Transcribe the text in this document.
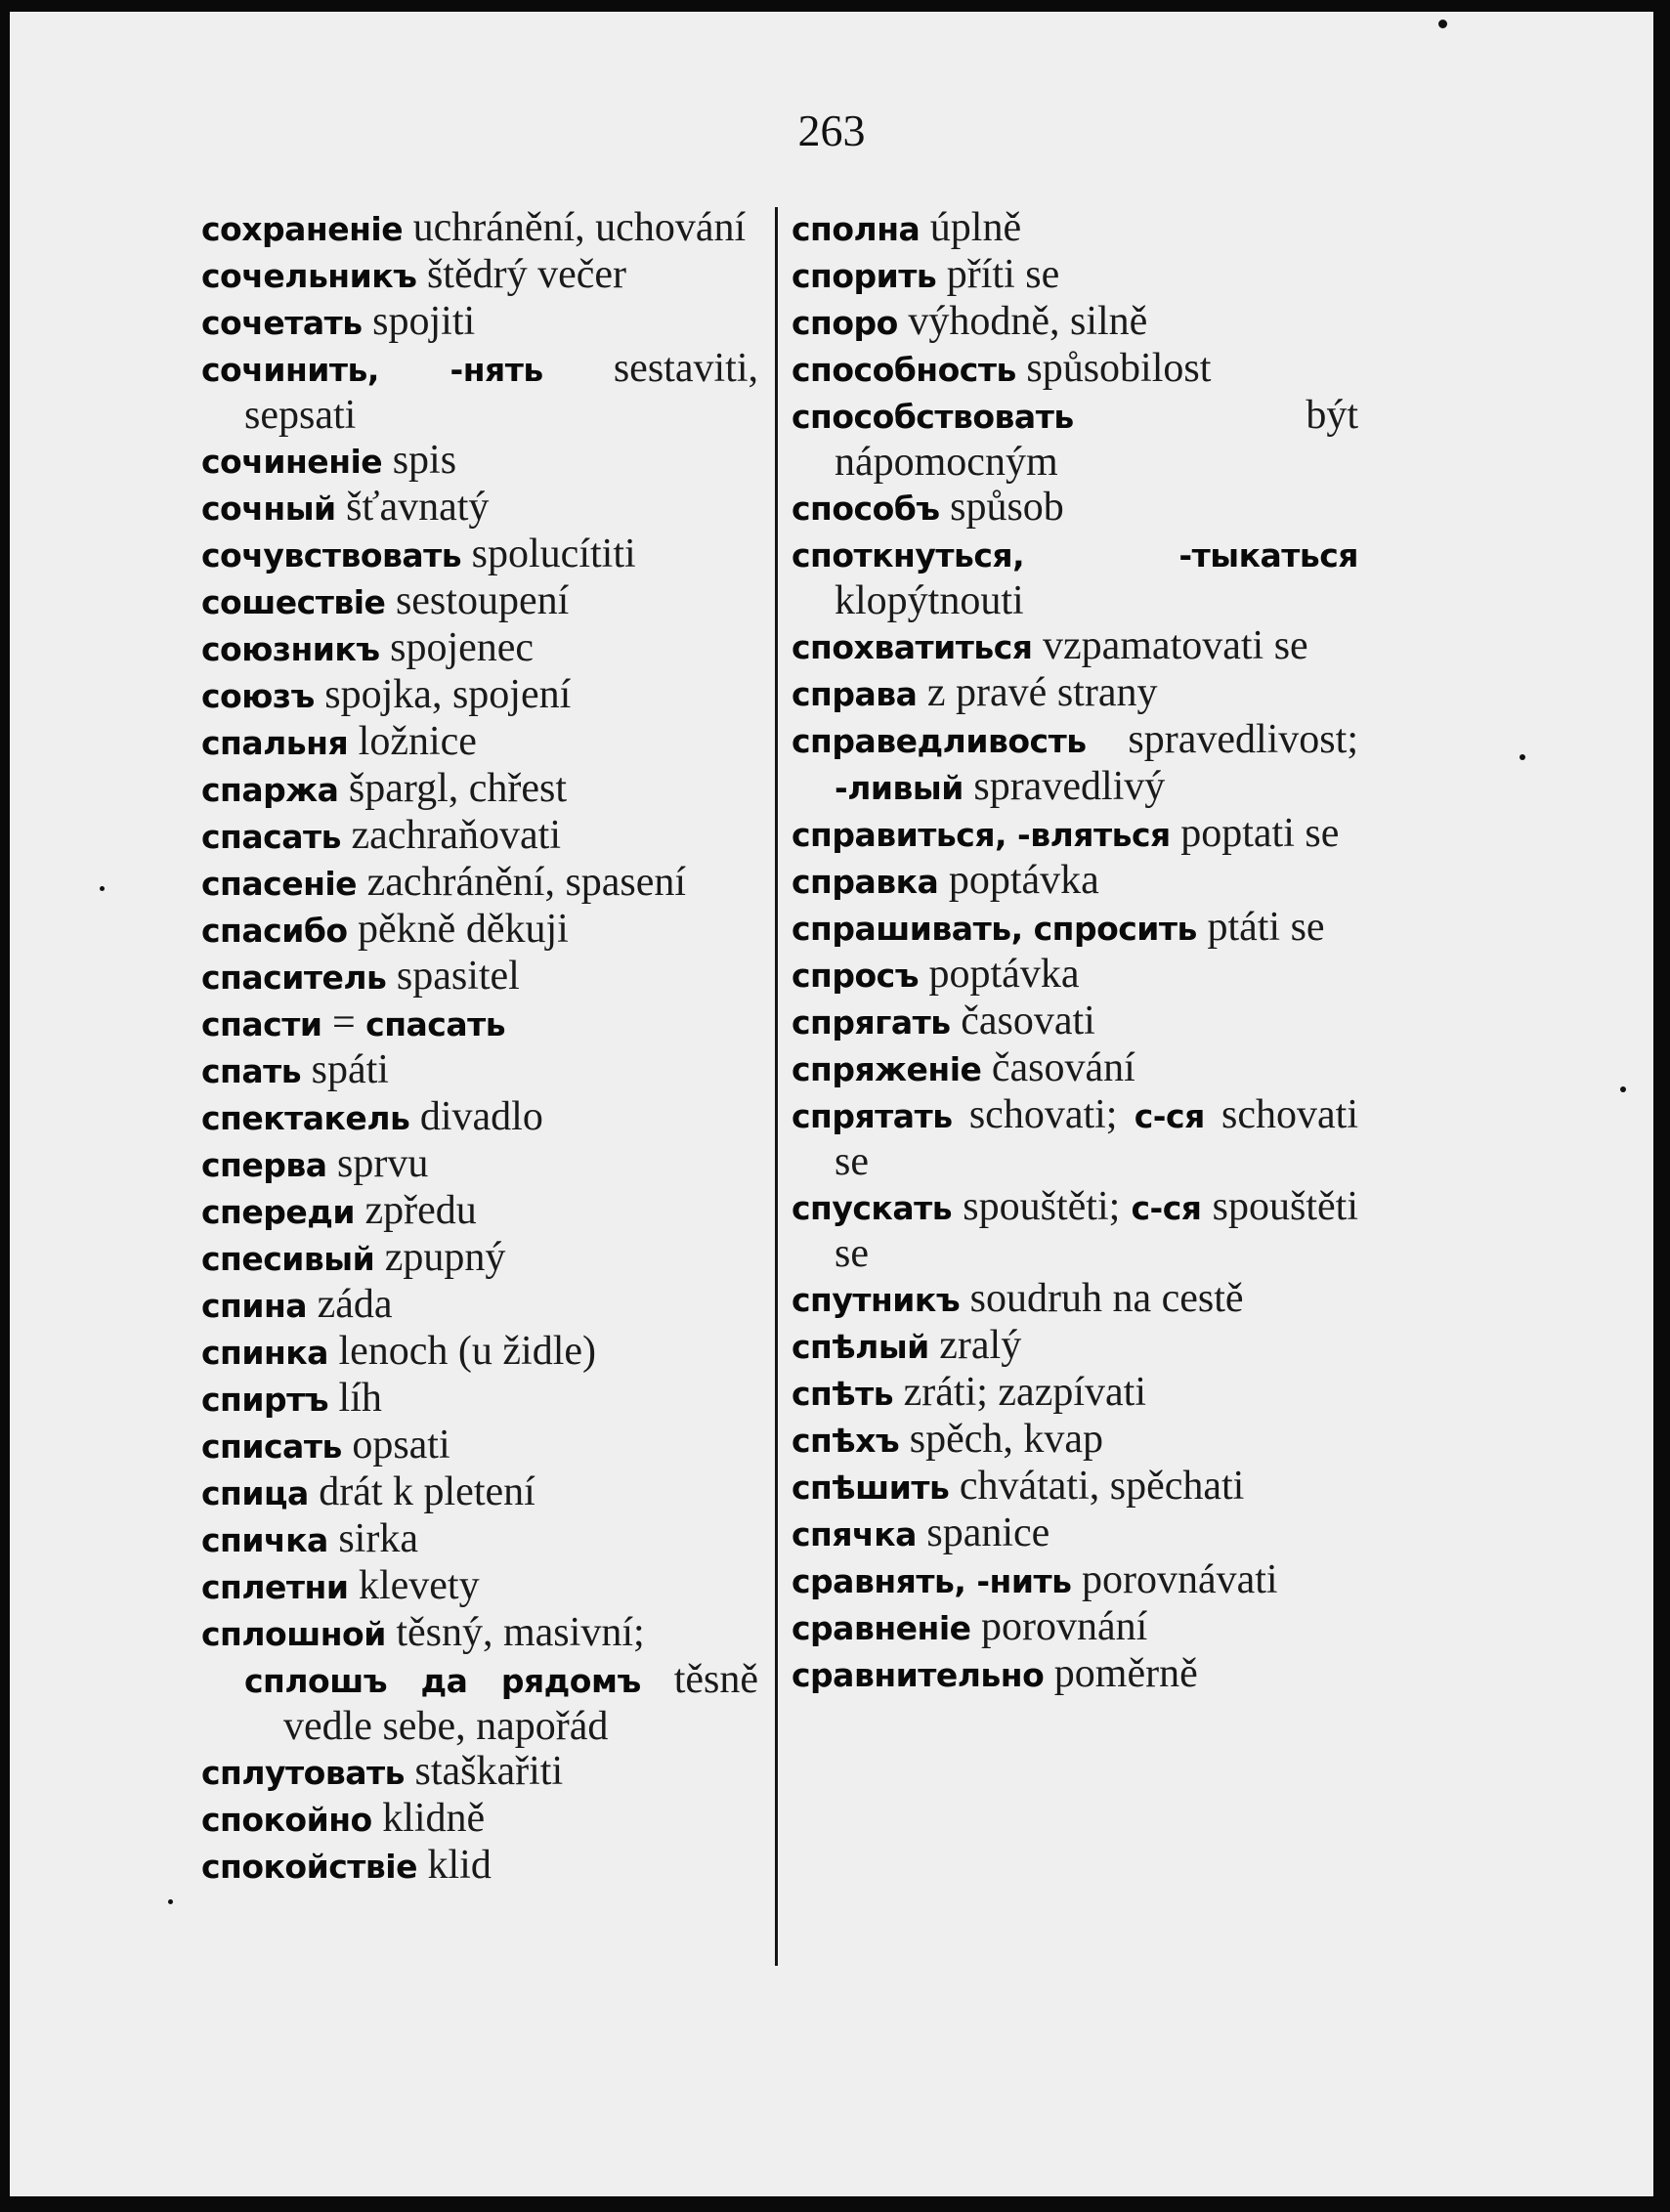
263

сохраненіе uchránění, uchování

сочельникъ štědrý večer

сочетать spojiti

сочинить, -нять sestaviti, sepsati

сочиненіе spis

сочный šťavnatý

сочувствовать spolucítiti

сошествіе sestoupení

союзникъ spojenec

союзъ spojka, spojení

спальня ložnice

спаржа špargl, chřest

спасать zachraňovati

спасеніе zachránění, spasení

спасибо pěkně děkuji

спаситель spasitel

спасти = спасать

спать spáti

спектакель divadlo

сперва sprvu

спереди zpředu

спесивый zpupný

спина záda

спинка lenoch (u židle)

спиртъ líh

списать opsati

спица drát k pletení

спичка sirka

сплетни klevety

сплошной těsný, masivní;

сплошъ да рядомъ těsně vedle sebe, napořád

сплутовать staškařiti

спокойно klidně

спокойствіе klid

сполна úplně

спорить příti se

споро výhodně, silně

способность spůsobilost

способствовать být nápomocným

способъ spůsob

споткнуться, -тыкаться klopýtnouti

спохватиться vzpamatovati se

справа z pravé strany

справедливость spravedlivost; -ливый spravedlivý

справиться, -вляться poptati se

справка poptávka

спрашивать, спросить ptáti se

спросъ poptávka

спрягать časovati

спряженіе časování

спрятать schovati; с-ся schovati se

спускать spouštěti; с-ся spouštěti se

спутникъ soudruh na cestě

спѣлый zralý

спѣть zráti; zazpívati

спѣхъ spěch, kvap

спѣшить chvátati, spěchati

спячка spanice

сравнять, -нить porovnávati

сравненіе porovnání

сравнительно poměrně
